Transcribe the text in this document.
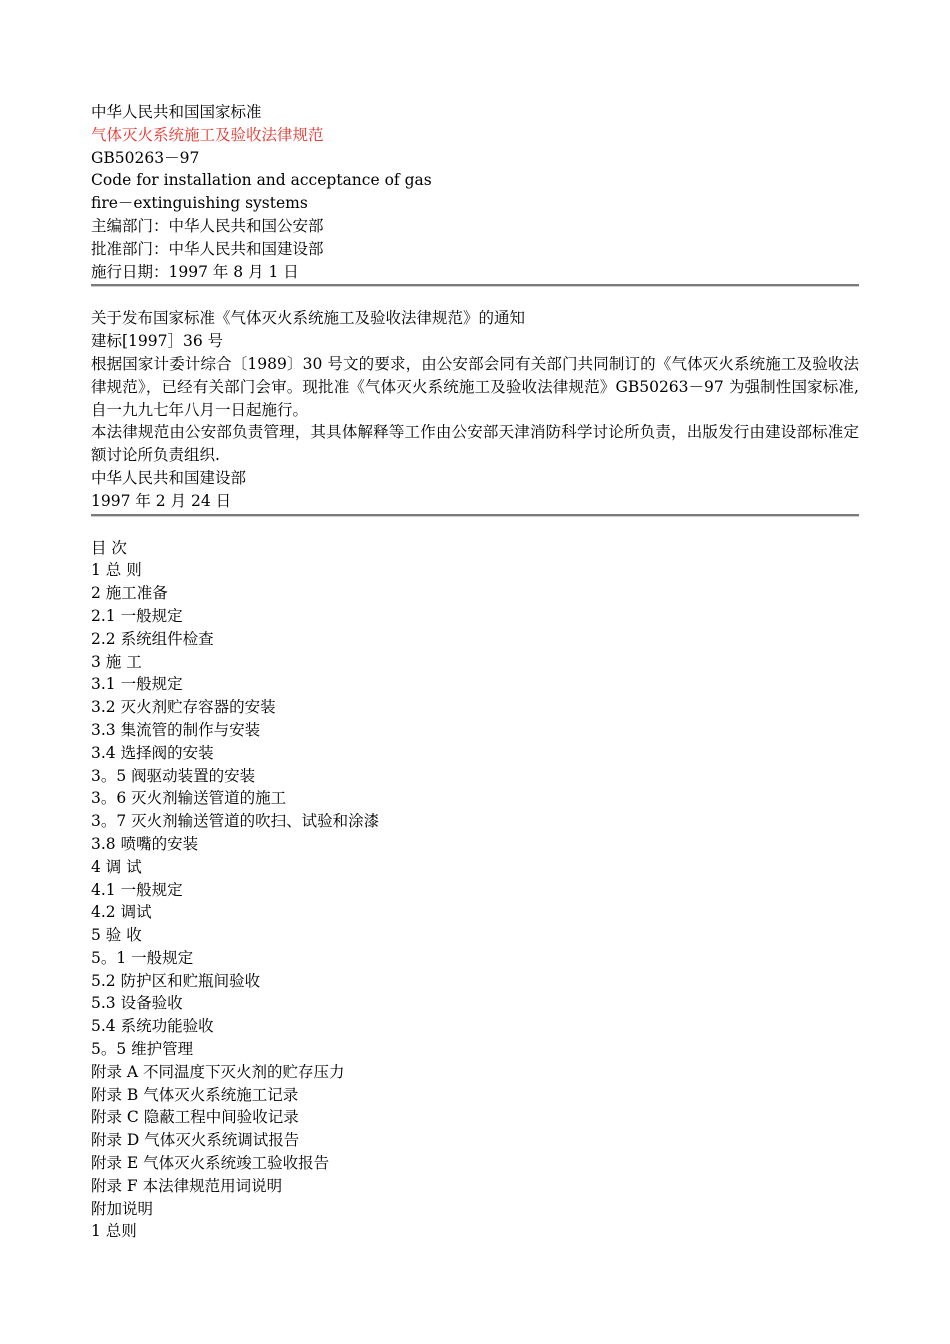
中华人民共和国国家标准
气体灭火系统施工及验收法律规范
GB50263－97
Code for installation and acceptance of gas
fire－extinguishing systems
主编部门：中华人民共和国公安部
批准部门：中华人民共和国建设部
施行日期：1997 年 8 月 1 日
关于发布国家标准《气体灭火系统施工及验收法律规范》的通知
建标[1997］36 号
根据国家计委计综合〔1989〕30 号文的要求，由公安部会同有关部门共同制订的《气体灭火系统施工及验收法律规范》，已经有关部门会审。现批准《气体灭火系统施工及验收法律规范》GB50263－97 为强制性国家标准,自一九九七年八月一日起施行。
本法律规范由公安部负责管理，其具体解释等工作由公安部天津消防科学讨论所负责，出版发行由建设部标准定额讨论所负责组织.
中华人民共和国建设部
1997 年 2 月 24 日
目 次
1 总 则
2 施工准备
2.1 一般规定
2.2 系统组件检查
3 施 工
3.1 一般规定
3.2 灭火剂贮存容器的安装
3.3 集流管的制作与安装
3.4 选择阀的安装
3。5 阀驱动装置的安装
3。6 灭火剂输送管道的施工
3。7 灭火剂输送管道的吹扫、试验和涂漆
3.8 喷嘴的安装
4 调 试
4.1 一般规定
4.2 调试
5 验 收
5。1 一般规定
5.2 防护区和贮瓶间验收
5.3 设备验收
5.4 系统功能验收
5。5 维护管理
附录 A 不同温度下灭火剂的贮存压力
附录 B 气体灭火系统施工记录
附录 C 隐蔽工程中间验收记录
附录 D 气体灭火系统调试报告
附录 E 气体灭火系统竣工验收报告
附录 F 本法律规范用词说明
附加说明
1 总则
